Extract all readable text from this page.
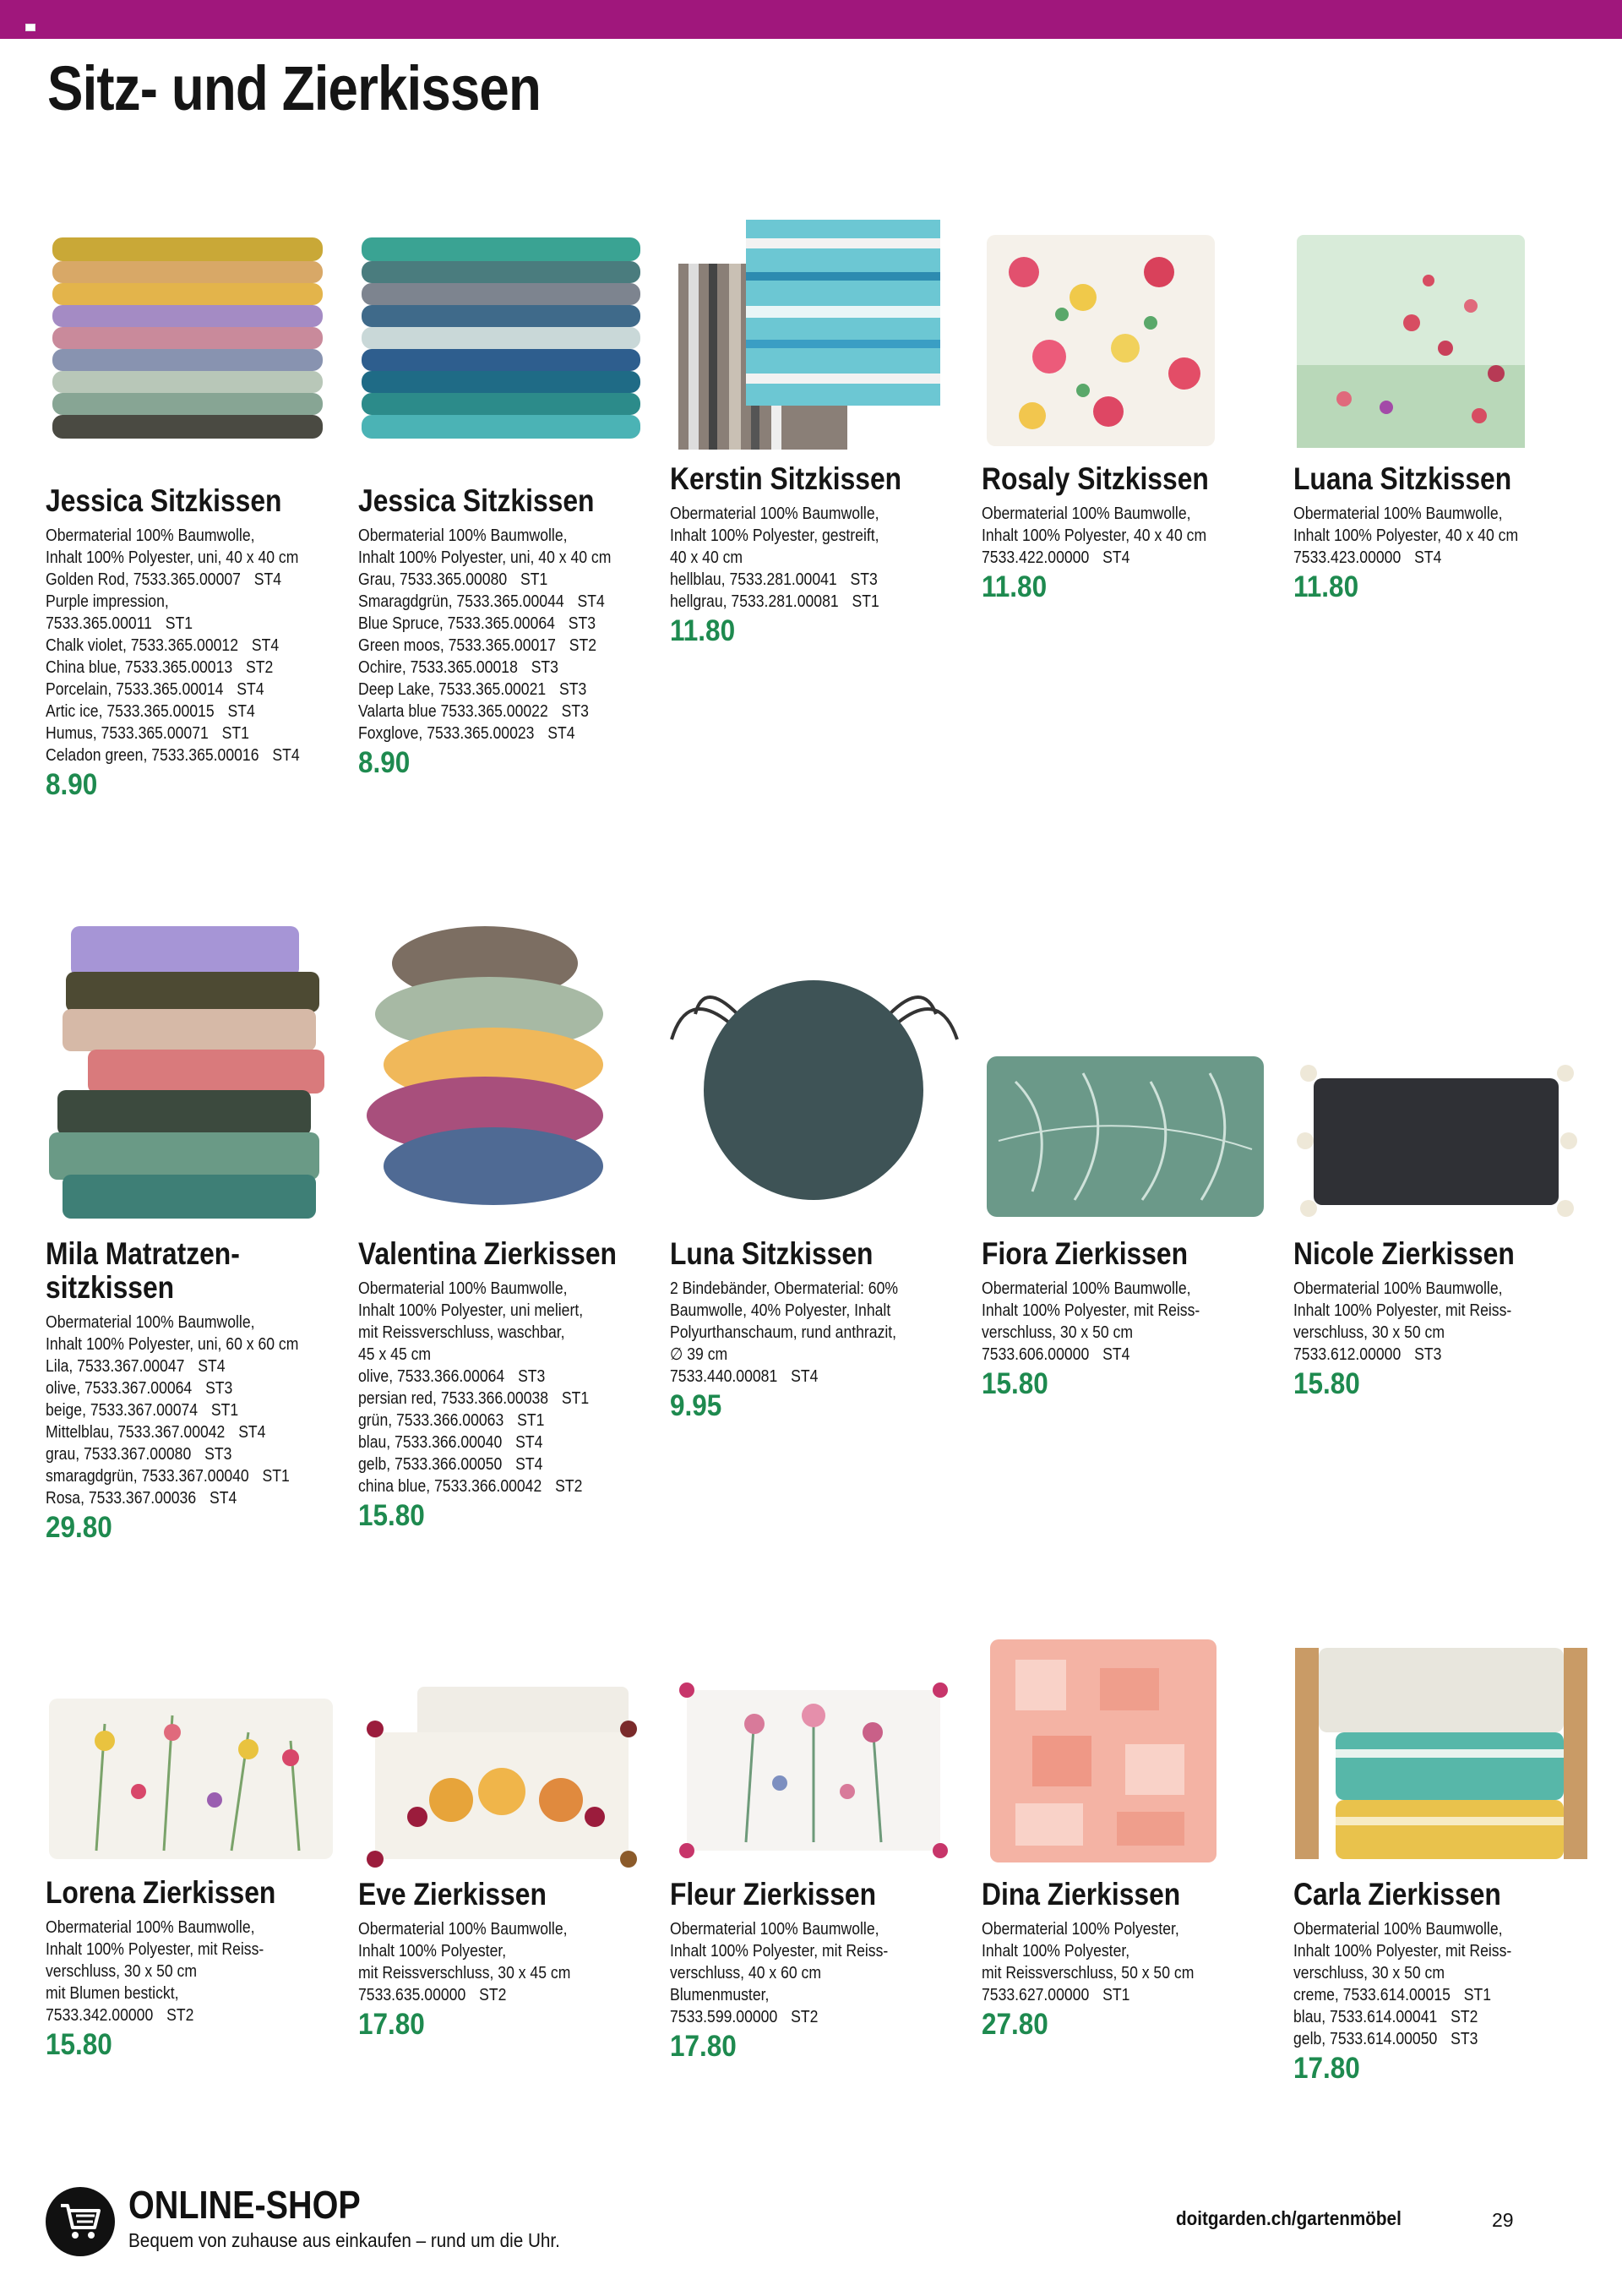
Sitz- und Zierkissen
Jessica Sitzkissen
Obermaterial 100% Baumwolle,
Inhalt 100% Polyester, uni, 40 x 40 cm
Golden Rod, 7533.365.00007 ST4
Purple impression,
7533.365.00011 ST1
Chalk violet, 7533.365.00012 ST4
China blue, 7533.365.00013 ST2
Porcelain, 7533.365.00014 ST4
Artic ice, 7533.365.00015 ST4
Humus, 7533.365.00071 ST1
Celadon green, 7533.365.00016 ST4
8.90
Jessica Sitzkissen
Obermaterial 100% Baumwolle,
Inhalt 100% Polyester, uni, 40 x 40 cm
Grau, 7533.365.00080 ST1
Smaragdgrün, 7533.365.00044 ST4
Blue Spruce, 7533.365.00064 ST3
Green moos, 7533.365.00017 ST2
Ochire, 7533.365.00018 ST3
Deep Lake, 7533.365.00021 ST3
Valarta blue 7533.365.00022 ST3
Foxglove, 7533.365.00023 ST4
8.90
Kerstin Sitzkissen
Obermaterial 100% Baumwolle,
Inhalt 100% Polyester, gestreift,
40 x 40 cm
hellblau, 7533.281.00041 ST3
hellgrau, 7533.281.00081 ST1
11.80
Rosaly Sitzkissen
Obermaterial 100% Baumwolle,
Inhalt 100% Polyester, 40 x 40 cm
7533.422.00000 ST4
11.80
Luana Sitzkissen
Obermaterial 100% Baumwolle,
Inhalt 100% Polyester, 40 x 40 cm
7533.423.00000 ST4
11.80
Mila Matratzen-
sitzkissen
Obermaterial 100% Baumwolle,
Inhalt 100% Polyester, uni, 60 x 60 cm
Lila, 7533.367.00047 ST4
olive, 7533.367.00064 ST3
beige, 7533.367.00074 ST1
Mittelblau, 7533.367.00042 ST4
grau, 7533.367.00080 ST3
smaragdgrün, 7533.367.00040 ST1
Rosa, 7533.367.00036 ST4
29.80
Valentina Zierkissen
Obermaterial 100% Baumwolle,
Inhalt 100% Polyester, uni meliert,
mit Reissverschluss, waschbar,
45 x 45 cm
olive, 7533.366.00064 ST3
persian red, 7533.366.00038 ST1
grün, 7533.366.00063 ST1
blau, 7533.366.00040 ST4
gelb, 7533.366.00050 ST4
china blue, 7533.366.00042 ST2
15.80
Luna Sitzkissen
2 Bindebänder, Obermaterial: 60%
Baumwolle, 40% Polyester, Inhalt
Polyurthanschaum, rund anthrazit,
∅ 39 cm
7533.440.00081 ST4
9.95
Fiora Zierkissen
Obermaterial 100% Baumwolle,
Inhalt 100% Polyester, mit Reiss-
verschluss, 30 x 50 cm
7533.606.00000 ST4
15.80
Nicole Zierkissen
Obermaterial 100% Baumwolle,
Inhalt 100% Polyester, mit Reiss-
verschluss, 30 x 50 cm
7533.612.00000 ST3
15.80
Lorena Zierkissen
Obermaterial 100% Baumwolle,
Inhalt 100% Polyester, mit Reiss-
verschluss, 30 x 50 cm
mit Blumen bestickt,
7533.342.00000 ST2
15.80
Eve Zierkissen
Obermaterial 100% Baumwolle,
Inhalt 100% Polyester,
mit Reissverschluss, 30 x 45 cm
7533.635.00000 ST2
17.80
Fleur Zierkissen
Obermaterial 100% Baumwolle,
Inhalt 100% Polyester, mit Reiss-
verschluss, 40 x 60 cm
Blumenmuster,
7533.599.00000 ST2
17.80
Dina Zierkissen
Obermaterial 100% Polyester,
Inhalt 100% Polyester,
mit Reissverschluss, 50 x 50 cm
7533.627.00000 ST1
27.80
Carla Zierkissen
Obermaterial 100% Baumwolle,
Inhalt 100% Polyester, mit Reiss-
verschluss, 30 x 50 cm
creme, 7533.614.00015 ST1
blau, 7533.614.00041 ST2
gelb, 7533.614.00050 ST3
17.80
ONLINE-SHOP
Bequem von zuhause aus einkaufen – rund um die Uhr.
doitgarden.ch/gartenmöbel	29
